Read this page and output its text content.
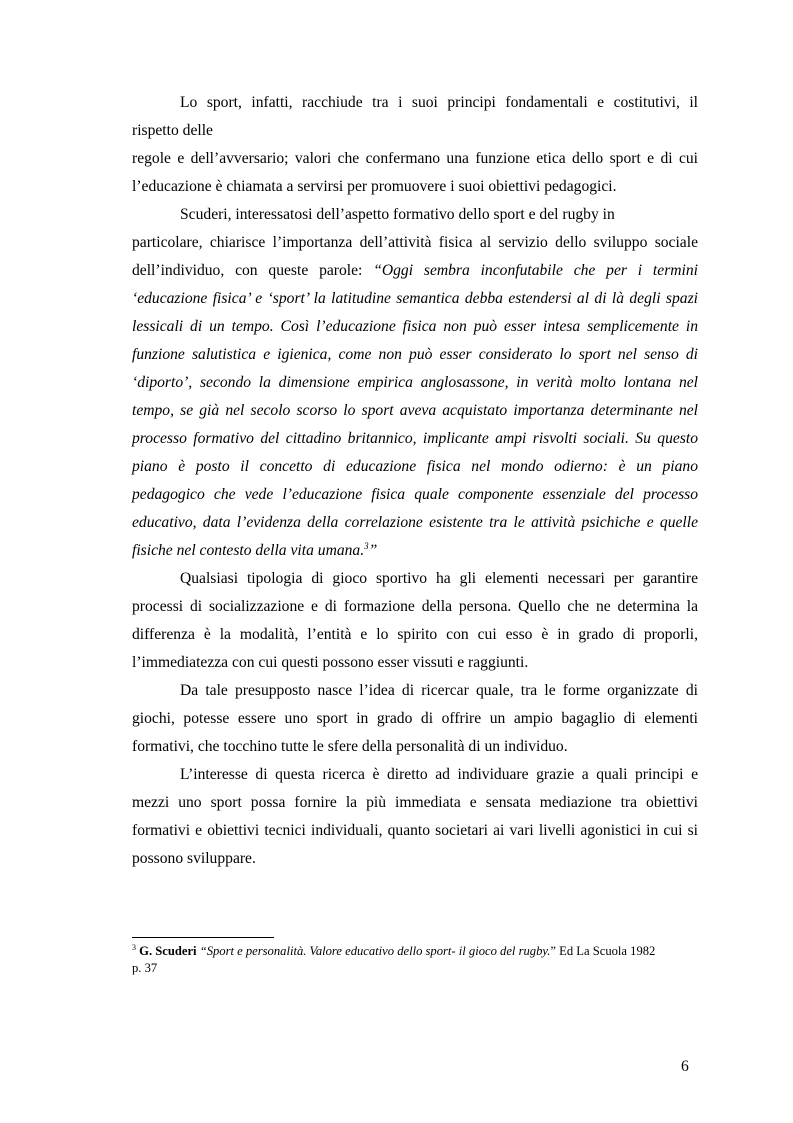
Lo sport, infatti, racchiude tra i suoi principi fondamentali e costitutivi, il
rispetto delle
regole e dell’avversario; valori che confermano una funzione etica dello sport e di cui
l’educazione è chiamata a servirsi per promuovere i suoi obiettivi pedagogici.
Scuderi, interessatosi dell’aspetto formativo dello sport e del rugby in
particolare, chiarisce l’importanza dell’attività fisica al servizio dello sviluppo sociale
dell’individuo, con queste parole: “Oggi sembra inconfutabile che per i termini
‘educazione fisica’ e ‘sport’ la latitudine semantica debba estendersi al di là degli spazi
lessicali di un tempo. Così l’educazione fisica non può esser intesa semplicemente in
funzione salutistica e igienica, come non può esser considerato lo sport nel senso di
‘diporto’, secondo la dimensione empirica anglosassone, in verità molto lontana nel
tempo, se già nel secolo scorso lo sport aveva acquistato importanza determinante nel
processo formativo del cittadino britannico, implicante ampi risvolti sociali. Su questo
piano è posto il concetto di educazione fisica nel mondo odierno: è un piano
pedagogico che vede l’educazione fisica quale componente essenziale del processo
educativo, data l’evidenza della correlazione esistente tra le attività psichiche e quelle
fisiche nel contesto della vita umana.$^3$”
Qualsiasi tipologia di gioco sportivo ha gli elementi necessari per garantire
processi di socializzazione e di formazione della persona. Quello che ne determina la
differenza è la modalità, l’entità e lo spirito con cui esso è in grado di proporli,
l’immediatezza con cui questi possono esser vissuti e raggiunti.
Da tale presupposto nasce l’idea di ricercar quale, tra le forme organizzate di
giochi, potesse essere uno sport in grado di offrire un ampio bagaglio di elementi
formativi, che tocchino tutte le sfere della personalità di un individuo.
L’interesse di questa ricerca è diretto ad individuare grazie a quali principi e
mezzi uno sport possa fornire la più immediata e sensata mediazione tra obiettivi
formativi e obiettivi tecnici individuali, quanto societari ai vari livelli agonistici in cui si
possono sviluppare.
$^3$ G. Scuderi “Sport e personalità. Valore educativo dello sport- il gioco del rugby.” Ed La Scuola 1982
p. 37
6
